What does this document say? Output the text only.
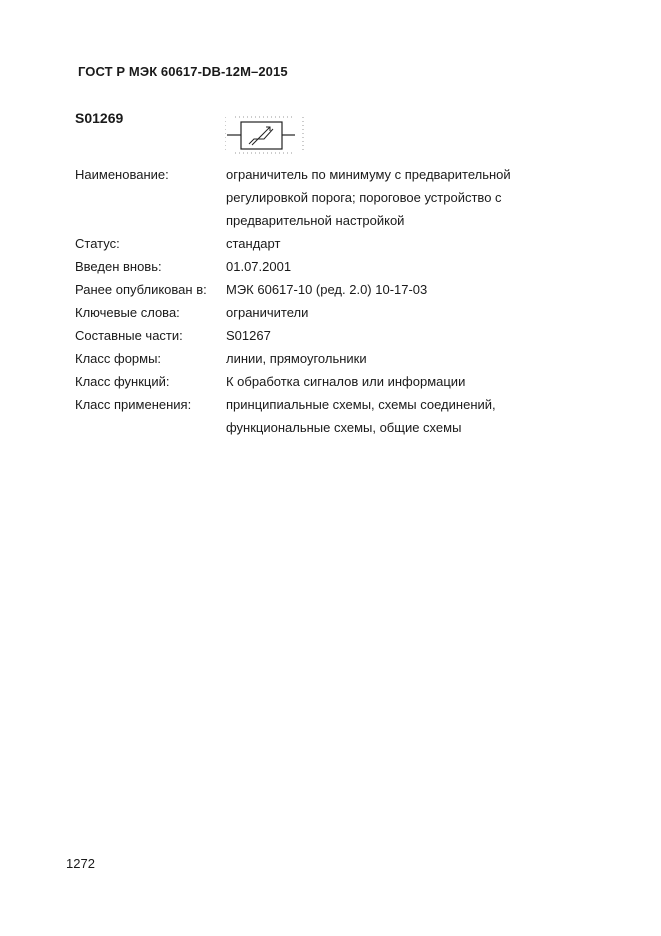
ГОСТ Р МЭК 60617-DB-12M–2015
S01269
Наименование:	ограничитель по минимуму с предварительной
регулировкой порога; пороговое устройство с
предварительной настройкой
Статус:	стандарт
Введен вновь:	01.07.2001
Ранее опубликован в:	МЭК 60617-10 (ред. 2.0) 10-17-03
Ключевые слова:	ограничители
Составные части:	S01267
Класс формы:	линии, прямоугольники
Класс функций:	К обработка сигналов или информации
Класс применения:	принципиальные схемы, схемы соединений,
функциональные схемы, общие схемы
1272
